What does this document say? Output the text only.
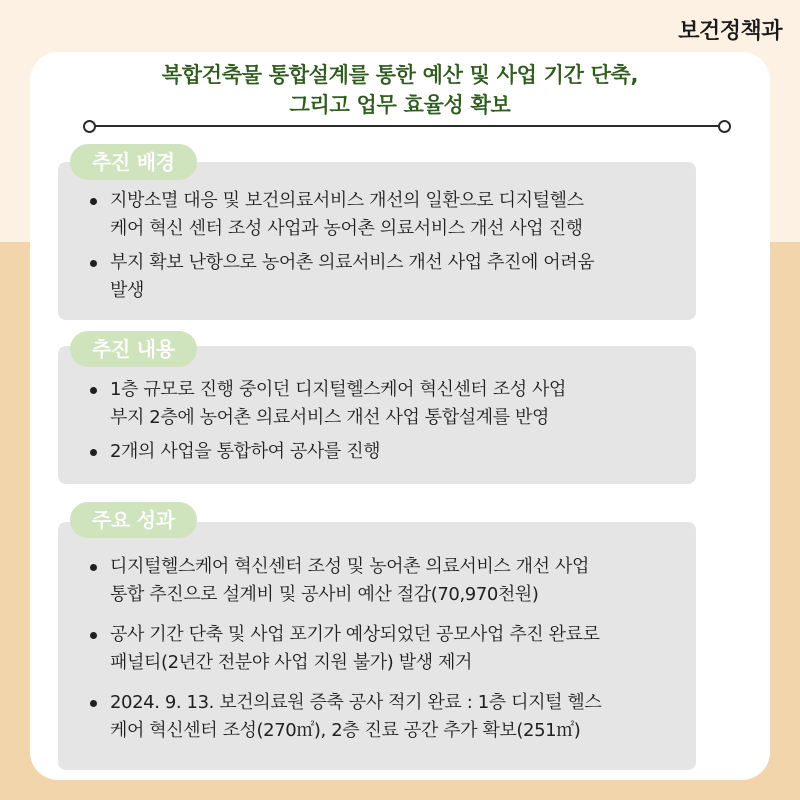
보건정책과
복합건축물 통합설계를 통한 예산 및 사업 기간 단축,
그리고 업무 효율성 확보
추진 배경
지방소멸 대응 및 보건의료서비스 개선의 일환으로 디지털헬스
케어 혁신 센터 조성 사업과 농어촌 의료서비스 개선 사업 진행
부지 확보 난항으로 농어촌 의료서비스 개선 사업 추진에 어려움
발생
추진 내용
1층 규모로 진행 중이던 디지털헬스케어 혁신센터 조성 사업
부지 2층에 농어촌 의료서비스 개선 사업 통합설계를 반영
2개의 사업을 통합하여 공사를 진행
주요 성과
디지털헬스케어 혁신센터 조성 및 농어촌 의료서비스 개선 사업
통합 추진으로 설계비 및 공사비 예산 절감(70,970천원)
공사 기간 단축 및 사업 포기가 예상되었던 공모사업 추진 완료로
패널티(2년간 전분야 사업 지원 불가) 발생 제거
2024. 9. 13. 보건의료원 증축 공사 적기 완료 : 1층 디지털 헬스
케어 혁신센터 조성(270㎡), 2층 진료 공간 추가 확보(251㎡)
